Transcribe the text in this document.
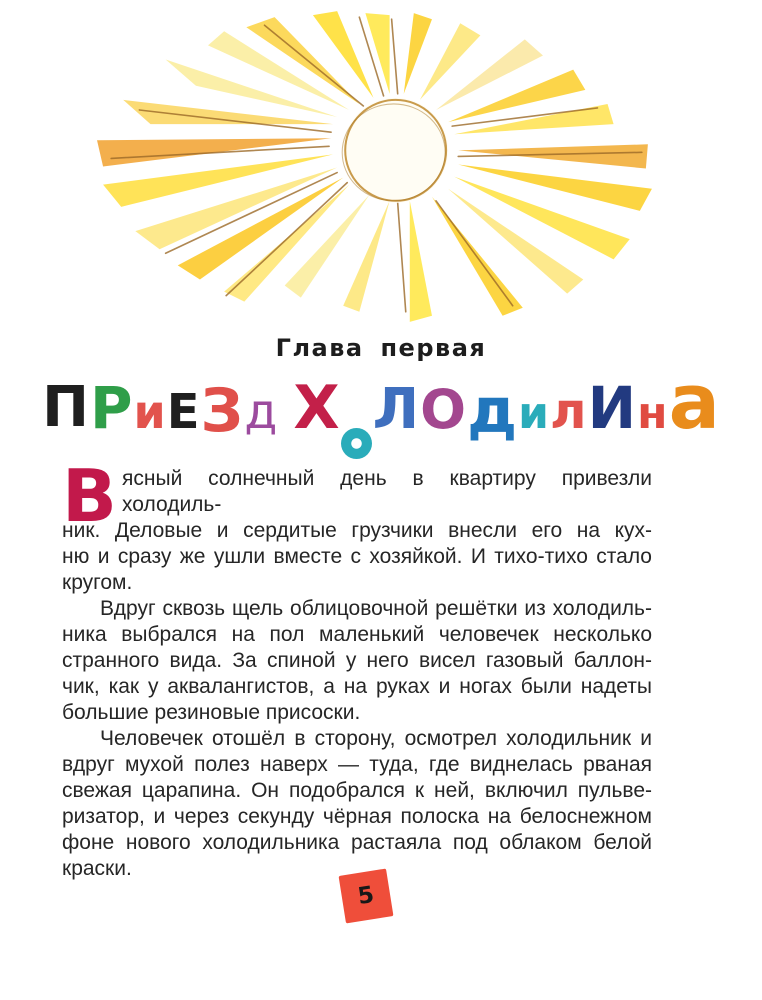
Глава первая
П Р и Е З д
Х Л О д и л И н а
В ясный солнечный день в квартиру привезли холодиль-
ник. Деловые и сердитые грузчики внесли его на кух-
ню и сразу же ушли вместе с хозяйкой. И тихо-тихо стало
кругом.
Вдруг сквозь щель облицовочной решётки из холодиль-
ника выбрался на пол маленький человечек несколько
странного вида. За спиной у него висел газовый баллон-
чик, как у аквалангистов, а на руках и ногах были надеты
большие резиновые присоски.
Человечек отошёл в сторону, осмотрел холодильник и
вдруг мухой полез наверх — туда, где виднелась рваная
свежая царапина. Он подобрался к ней, включил пульве-
ризатор, и через секунду чёрная полоска на белоснежном
фоне нового холодильника растаяла под облаком белой
краски.
5
